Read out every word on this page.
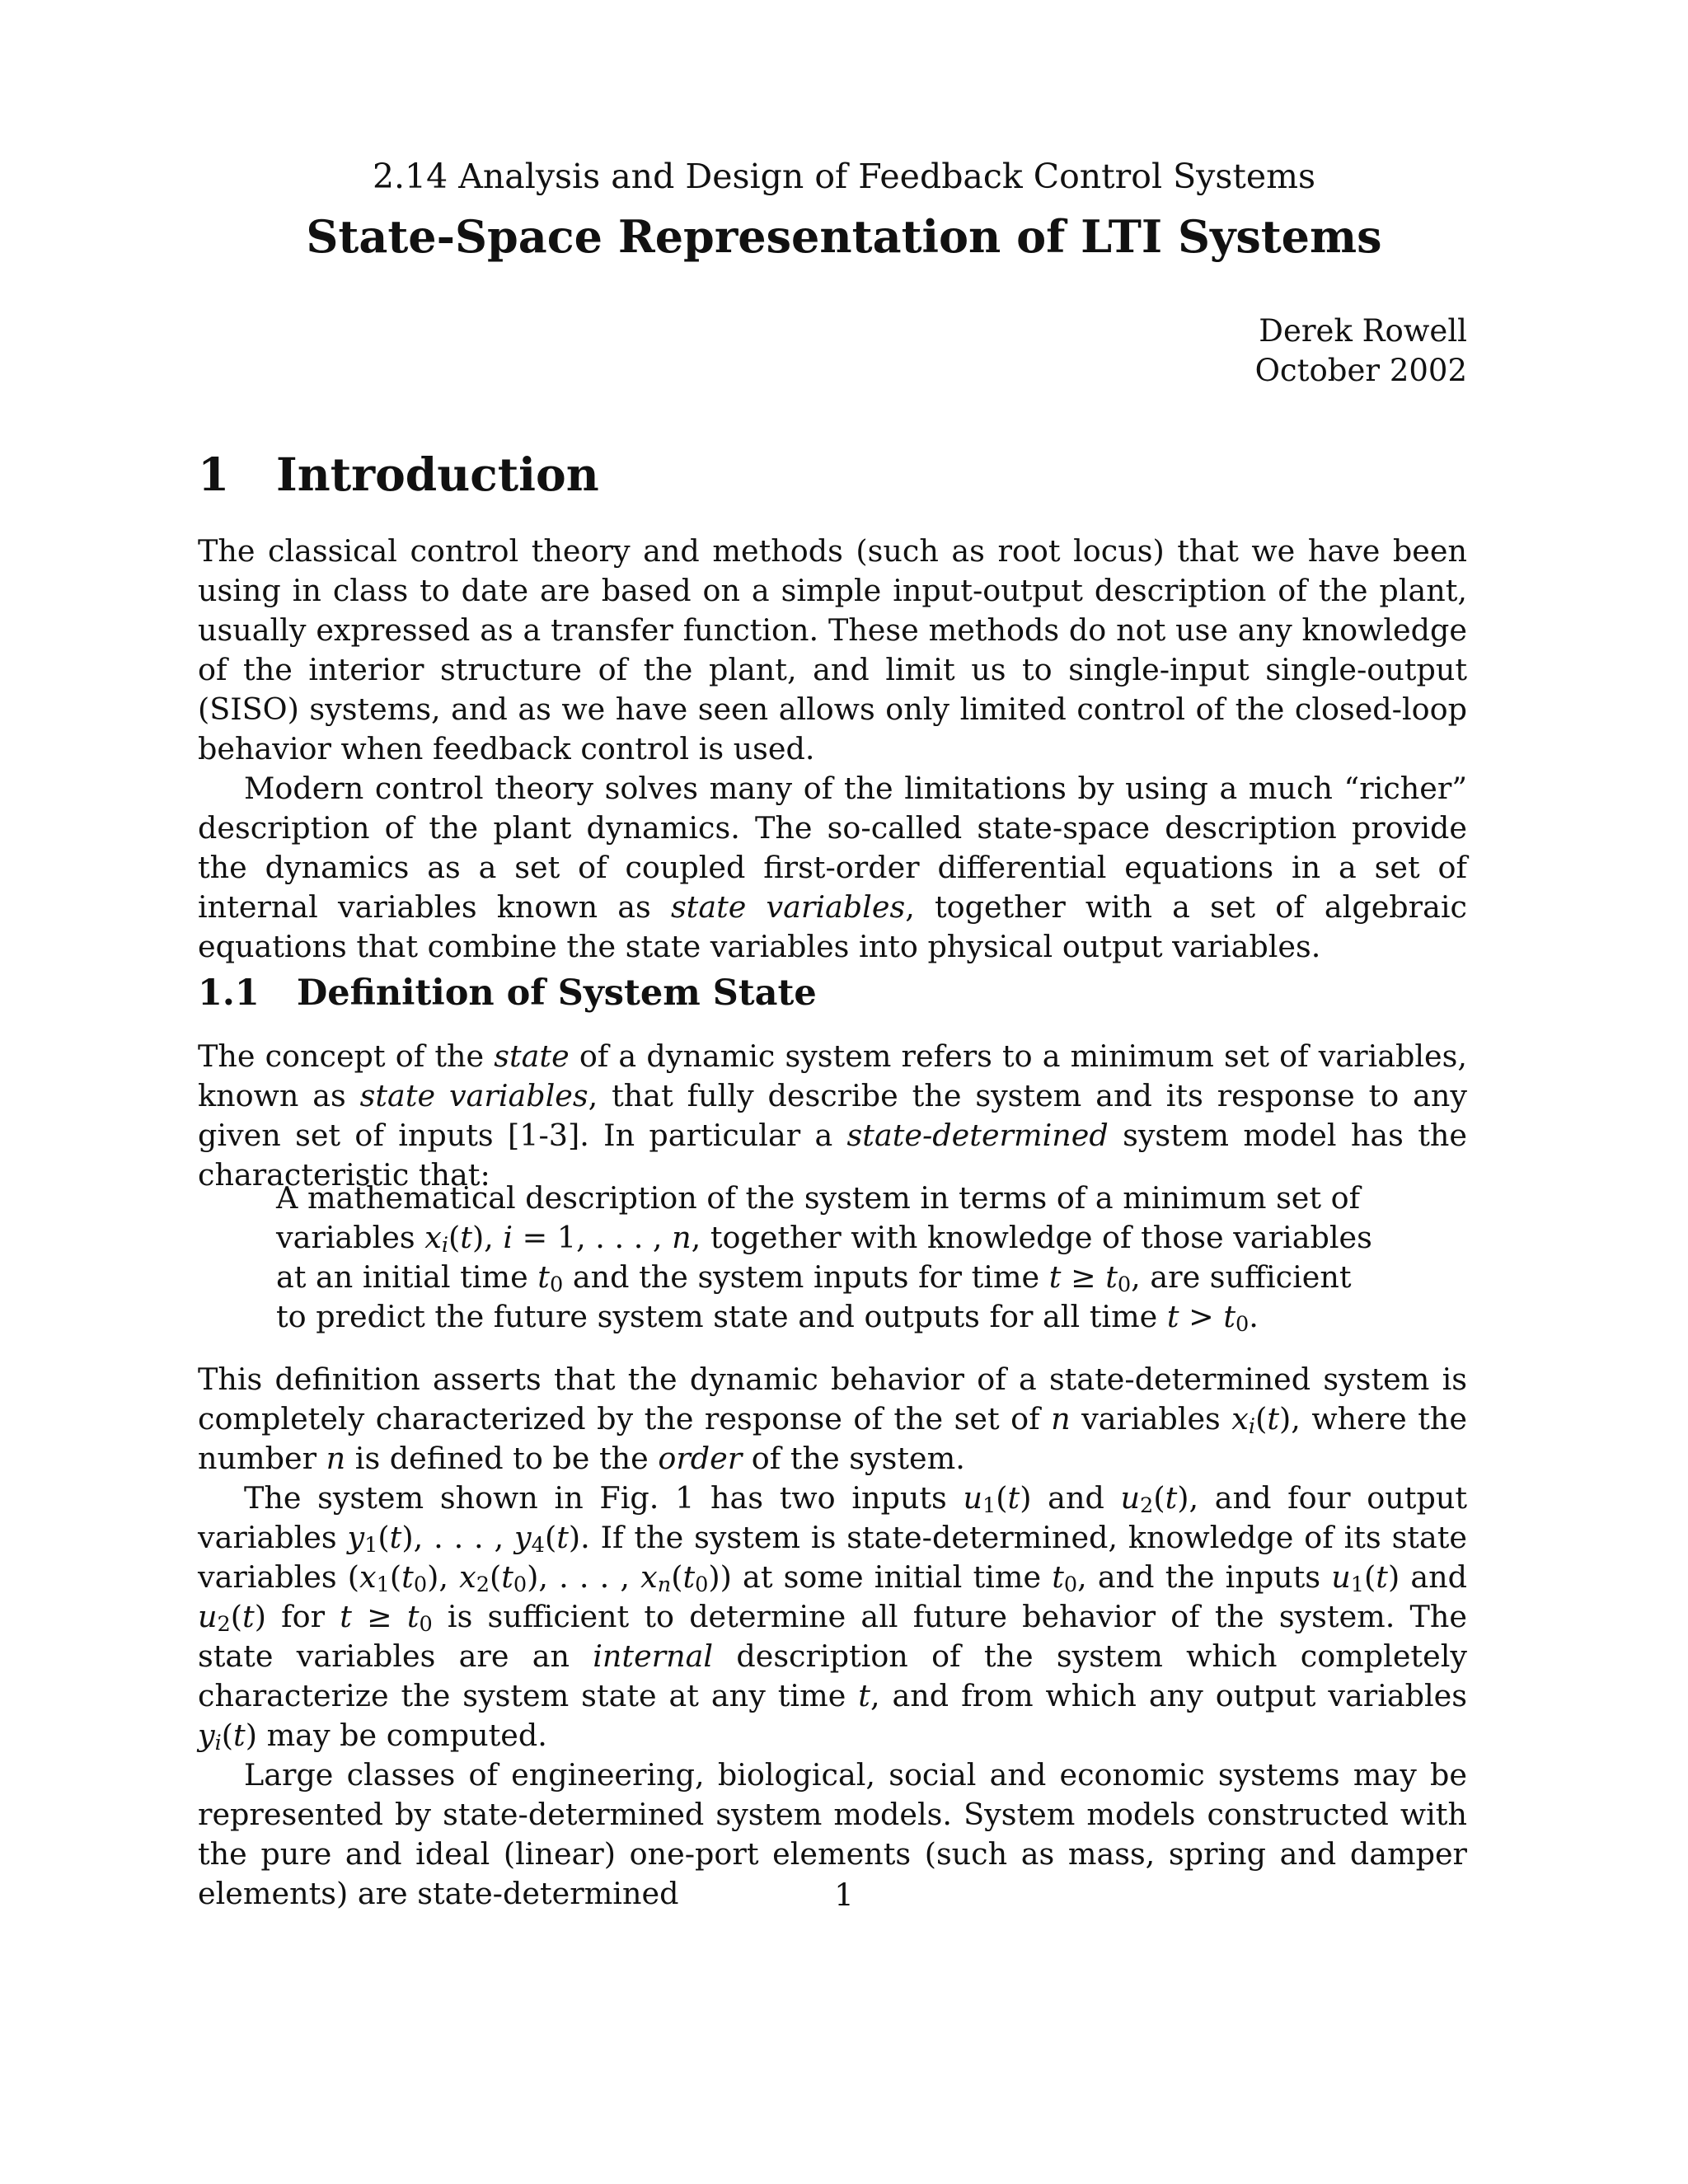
2.14 Analysis and Design of Feedback Control Systems
State-Space Representation of LTI Systems
Derek Rowell
October 2002
1 Introduction

The classical control theory and methods (such as root locus) that we have been using in class to date are based on a simple input-output description of the plant, usually expressed as a transfer function. These methods do not use any knowledge of the interior structure of the plant, and limit us to single-input single-output (SISO) systems, and as we have seen allows only limited control of the closed-loop behavior when feedback control is used.

Modern control theory solves many of the limitations by using a much “richer” description of the plant dynamics. The so-called state-space description provide the dynamics as a set of coupled first-order differential equations in a set of internal variables known as state variables, together with a set of algebraic equations that combine the state variables into physical output variables.

1.1 Definition of System State

The concept of the state of a dynamic system refers to a minimum set of variables, known as state variables, that fully describe the system and its response to any given set of inputs [1-3]. In particular a state-determined system model has the characteristic that:

A mathematical description of the system in terms of a minimum set of variables $x_i(t)$, i = 1, . . . , n, together with knowledge of those variables at an initial time $t_0$ and the system inputs for time $t \ge t_0$, are sufficient to predict the future system state and outputs for all time $t > t_0$.

This definition asserts that the dynamic behavior of a state-determined system is completely characterized by the response of the set of n variables $x_i(t)$, where the number n is defined to be the order of the system.

The system shown in Fig. 1 has two inputs $u_1(t)$ and $u_2(t)$, and four output variables $y_1(t)$, . . . , $y_4(t)$. If the system is state-determined, knowledge of its state variables ($x_1(t_0)$, $x_2(t_0)$, . . . , $x_n(t_0)$) at some initial time $t_0$, and the inputs $u_1(t)$ and $u_2(t)$ for $t \ge t_0$ is sufficient to determine all future behavior of the system. The state variables are an internal description of the system which completely characterize the system state at any time t, and from which any output variables $y_i(t)$ may be computed.

Large classes of engineering, biological, social and economic systems may be represented by state-determined system models. System models constructed with the pure and ideal (linear) one-port elements (such as mass, spring and damper elements) are state-determined	1
